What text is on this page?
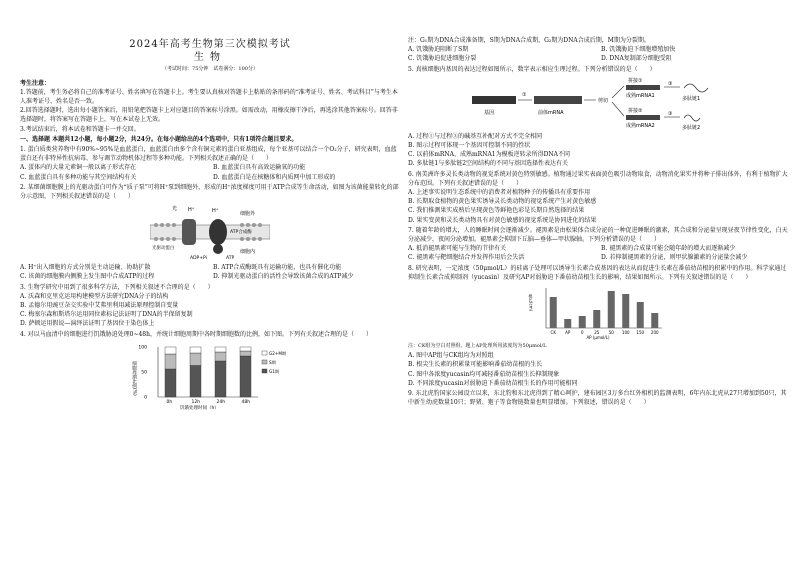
2024年高考生物第三次模拟考试

生物

（考试时间：75分钟　试卷满分：100分）

考生注意：

1.答题前，考生务必将自己的准考证号、姓名填写在答题卡上。考生要认真核对答题卡上粘贴的条形码的“准考证号、姓名、考试科目”与考生本人准考证号、姓名是否一致。

2.回答选择题时，选出每小题答案后，用铅笔把答题卡上对应题目的答案标号涂黑。如需改动，用橡皮擦干净后，再选涂其他答案标号。回答非选择题时，将答案写在答题卡上，写在本试卷上无效。

3.考试结束后，将本试卷和答题卡一并交回。

一、选择题 本题共12小题，每小题2分，共24分。在每小题给出的4个选项中，只有1项符合题目要求。

1. 蛋白质类营养物中有90%~95%是血蓝蛋白，血蓝蛋白由多个含有铜元素的蛋白亚基组成，每个亚基可以结合一个O₂分子，研究表明，血蓝蛋白还有非特异性抗病毒、参与调节动物机体过程等多种功能。下列相关叙述正确的是（　　）

A. 蛋体内的大量元素铜一般以离子形式存在	B. 血蓝蛋白具有高效运输氧的功能
C. 血蓝蛋白具有多种功能与其空间结构有关	D. 血蓝蛋白是在核糖体和内质网中加工形成的

2. 某细菌细胞膜上的光驱动蛋白可作为“质子泵”可将H⁺泵到细胞外，形成的H⁺浓度梯度可用于ATP合成等生命活动，如图为该菌能量转化的部分示意图，下列相关叙述错误的是（　　）

光 H⁺	H⁺	细胞外
细胞内
光驱动蛋白
ATP合成酶
ADP+Pi	ATP
A. H⁺出入细胞的方式分别是主动运输、协助扩散	B. ATP合成酶既具有运输功能，也具有催化功能
C. 该菌的细胞膜内侧膜上发生图中合成ATP的过程	D. 抑制光驱动蛋白的活性会导致该菌合成的ATP减少

3. 生物学研究中用到了很多科学方法，下列相关叙述不合理的是（　　）

A. 沃森和克里克运用构建模型方法研究DNA分子的结构

B. 孟德尔用豌豆杂交实验中艾弗里利用减法原理控制自变量

C. 梅塞尔森和斯塔尔运用同位素标记法证明了DNA的半保留复制

D. 萨顿运用假说—演绎法证明了基因位于染色体上

4. 对以马血清中的细胞进行饥饿胁迫处理0~48h，并统计细胞周期中各时期细胞数的比例，如下图。下列有关叙述合理的是（　　）

细胞周期比例(%)
饥饿处理时间（h）
0h	12h	24h	48h
0
50
100
G2+M期
S期
G1期

注：G₁期为DNA合成准备期，S期为DNA合成期，G₂期为DNA合成后期，M期为分裂期。

A. 饥饿胁迫阻断了S期	B. 饥饿胁迫下细胞增殖加快
C. 饥饿胁迫促进细胞分裂	D. DNA复制部分细胞受阻

5. 真核细胞内基因的表达过程如图所示，数字表示相应生理过程。下列分析错误的是（　　）

基因
①
前体mRNA
剪切
拼接①
成熟mRNA1
拼接②
成熟mRNA2
③
③
多肽链1
多肽链2

A. 过程①与过程③的碱基互补配对方式不完全相同

B. 图示过程可体现一个基因可控制不同的性状

C. 以前体mRNA、成熟mRNA1为模板逆转录所得DNA不同

D. 多肽链1与多肽链2空间结构的不同与基因选择性表达有关

6. 南美洲许多灵长类动物的视觉系统对黄色特别敏感。植物通过果实表面黄色吸引动物取食，动物消化果实并将种子排出体外，有利于植物扩大分布范围。下列有关叙述错误的是（　　）

A. 上述事实说明生态系统中的消费者对植物种子的传播具有重要作用

B. 长期取食植物的黄色果实诱导灵长类动物的视觉系统产生对黄色敏感

C. 我们推测果实成熟后呈现黄色等鲜艳色彩是长期自然选择的结果

D. 果实变黄和灵长类动物具有对黄色敏感的视觉系统是协同进化的结果

7. 随着年龄的增大，人的睡眠时间会逐渐减少。褪黑素是由松果体合成分泌的一种促进睡眠的激素，其合成和分泌量呈现昼夜节律性变化，白天分泌减少，夜间分泌增加。褪黑素会抑制下丘脑—垂体—甲状腺轴。下列分析错误的是（　　）

A. 抵消褪黑素可能与生物的节律有关	B. 褪黑素的合成量可能会随年龄的增大而逐渐减少
C. 褪黑素与靶细胞结合并发挥作用后会失活	D. 若抑制褪黑素的分泌，则甲状腺激素的分泌量会减少

8. 研究表明，一定浓度（50μmol/L）的硅离子处理可以诱导生长素合成基因的表达从而促进生长素在番茄幼苗根的积累中的作用。科学家通过抑制生长素合成抑制剂（yucasin）及研究AP对弱胁迫下番茄幼苗根生长的影响，结果如图所示。下列有关叙述错误的是（　　）

CK AP	0	25 50 100 150 200
AP (μmol/L)
根长(cm)

注：CK组为空白对照组，题上AP处理所用浓度均为50μmol/L

A. 图中AP组与CK组均为对照组

B. 根尖生长素的积累量可能影响番茄幼苗根的生长

C. 图中各浓度yucasin均可减轻番茄幼苗根生长抑制现象

D. 不同浓度yucasin对弱胁迫下番茄幼苗根生长的作用可能相同

9. 东北虎豹国家公园设立以来，东北豹和东北虎得到了精心呵护，建布园区3万多台红外相机的监测表明，6年内东北虎从27只增加到50只，其中新生幼虎数量10只；野猪、狍子等食物链数量也明显增加。下列叙述，错误的是（　　）
